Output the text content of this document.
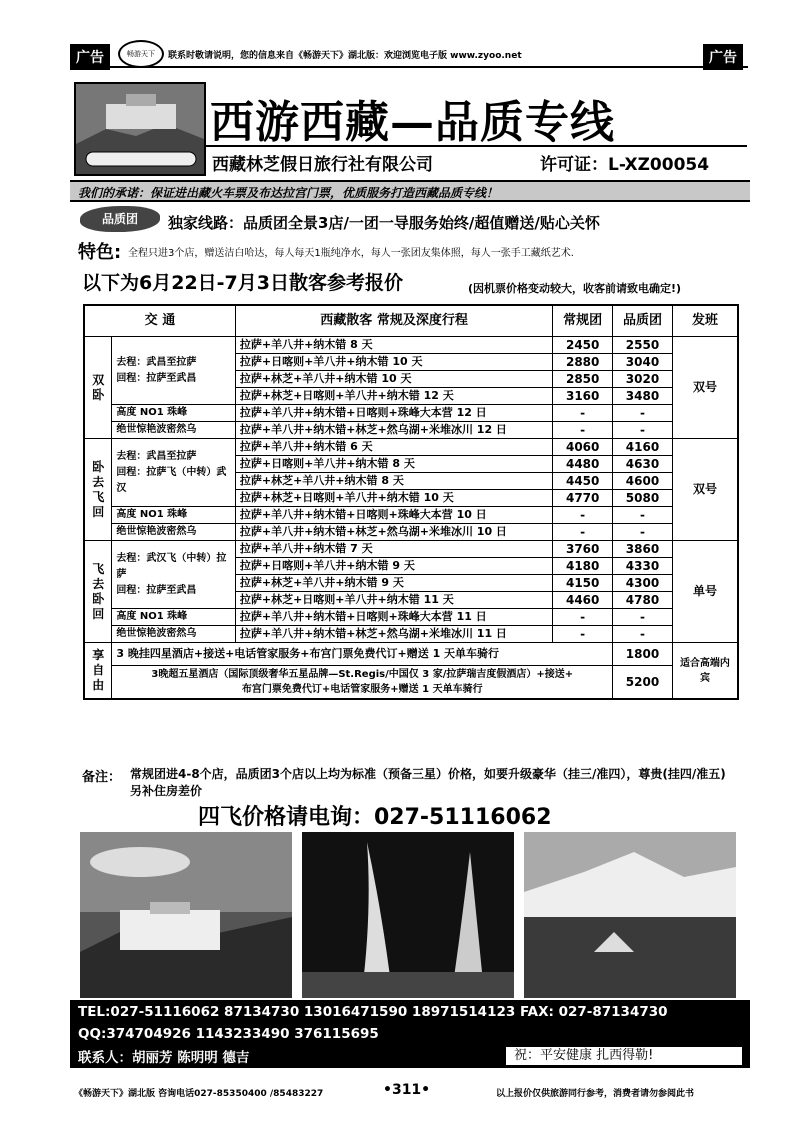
广告	畅游天下	联系时敬请说明，您的信息来自《畅游天下》湖北版：欢迎浏览电子版 www.zyoo.net	广告
西游西藏—品质专线
西藏林芝假日旅行社有限公司	许可证：L-XZ00054
我们的承诺：保证进出藏火车票及布达拉宫门票，优质服务打造西藏品质专线！
品质团	独家线路：品质团全景3店/一团一导服务始终/超值赠送/贴心关怀
特色: 全程只进3个店，赠送洁白哈达，每人每天1瓶纯净水，每人一张团友集体照，每人一张手工藏纸艺术.
以下为6月22日-7月3日散客参考报价	(因机票价格变动较大，收客前请致电确定!)
交 通		西藏散客 常规及深度行程	常规团	品质团	发班
双卧	去程：武昌至拉萨
回程：拉萨至武昌	拉萨+羊八井+纳木错 8 天	2450	2550	双号
		拉萨+日喀则+羊八井+纳木错 10 天	2880	3040	
		拉萨+林芝+羊八井+纳木错 10 天	2850	3020	
		拉萨+林芝+日喀则+羊八井+纳木错 12 天	3160	3480	
	高度 NO1 珠峰	拉萨+羊八井+纳木错+日喀则+珠峰大本营 12 日	-	-	
	绝世惊艳波密然乌	拉萨+羊八井+纳木错+林芝+然乌湖+米堆冰川 12 日	-	-	
卧去飞回	去程：武昌至拉萨
回程：拉萨飞（中转）武汉	拉萨+羊八井+纳木错 6 天	4060	4160	双号
		拉萨+日喀则+羊八井+纳木错 8 天	4480	4630	
		拉萨+林芝+羊八井+纳木错 8 天	4450	4600	
		拉萨+林芝+日喀则+羊八井+纳木错 10 天	4770	5080	
	高度 NO1 珠峰	拉萨+羊八井+纳木错+日喀则+珠峰大本营 10 日	-	-	
	绝世惊艳波密然乌	拉萨+羊八井+纳木错+林芝+然乌湖+米堆冰川 10 日	-	-	
飞去卧回	去程：武汉飞（中转）拉萨
回程：拉萨至武昌	拉萨+羊八井+纳木错 7 天	3760	3860	单号
		拉萨+日喀则+羊八井+纳木错 9 天	4180	4330	
		拉萨+林芝+羊八井+纳木错 9 天	4150	4300	
		拉萨+林芝+日喀则+羊八井+纳木错 11 天	4460	4780	
	高度 NO1 珠峰	拉萨+羊八井+纳木错+日喀则+珠峰大本营 11 日	-	-	
	绝世惊艳波密然乌	拉萨+羊八井+纳木错+林芝+然乌湖+米堆冰川 11 日	-	-	
享自由	3 晚挂四星酒店+接送+电话管家服务+布宫门票免费代订+赠送 1 天单车骑行			1800	适合高端内宾
	3晚超五星酒店（国际顶级奢华五星品牌—St.Regis/中国仅 3 家/拉萨瑞吉度假酒店）+接送+
布宫门票免费代订+电话管家服务+赠送 1 天单车骑行			5200	
备注： 常规团进4-8个店，品质团3个店以上均为标准（预备三星）价格，如要升级豪华（挂三/准四），尊贵(挂四/准五)另补住房差价
四飞价格请电询：027-51116062
TEL:027-51116062 87134730 13016471590 18971514123 FAX: 027-87134730
QQ:374704926 1143233490 376115695
联系人：胡丽芳 陈明明 德吉	祝：平安健康 扎西得勒!
《畅游天下》湖北版 咨询电话027-85350400 /85483227	•311•	以上报价仅供旅游同行参考，消费者请勿参阅此书
